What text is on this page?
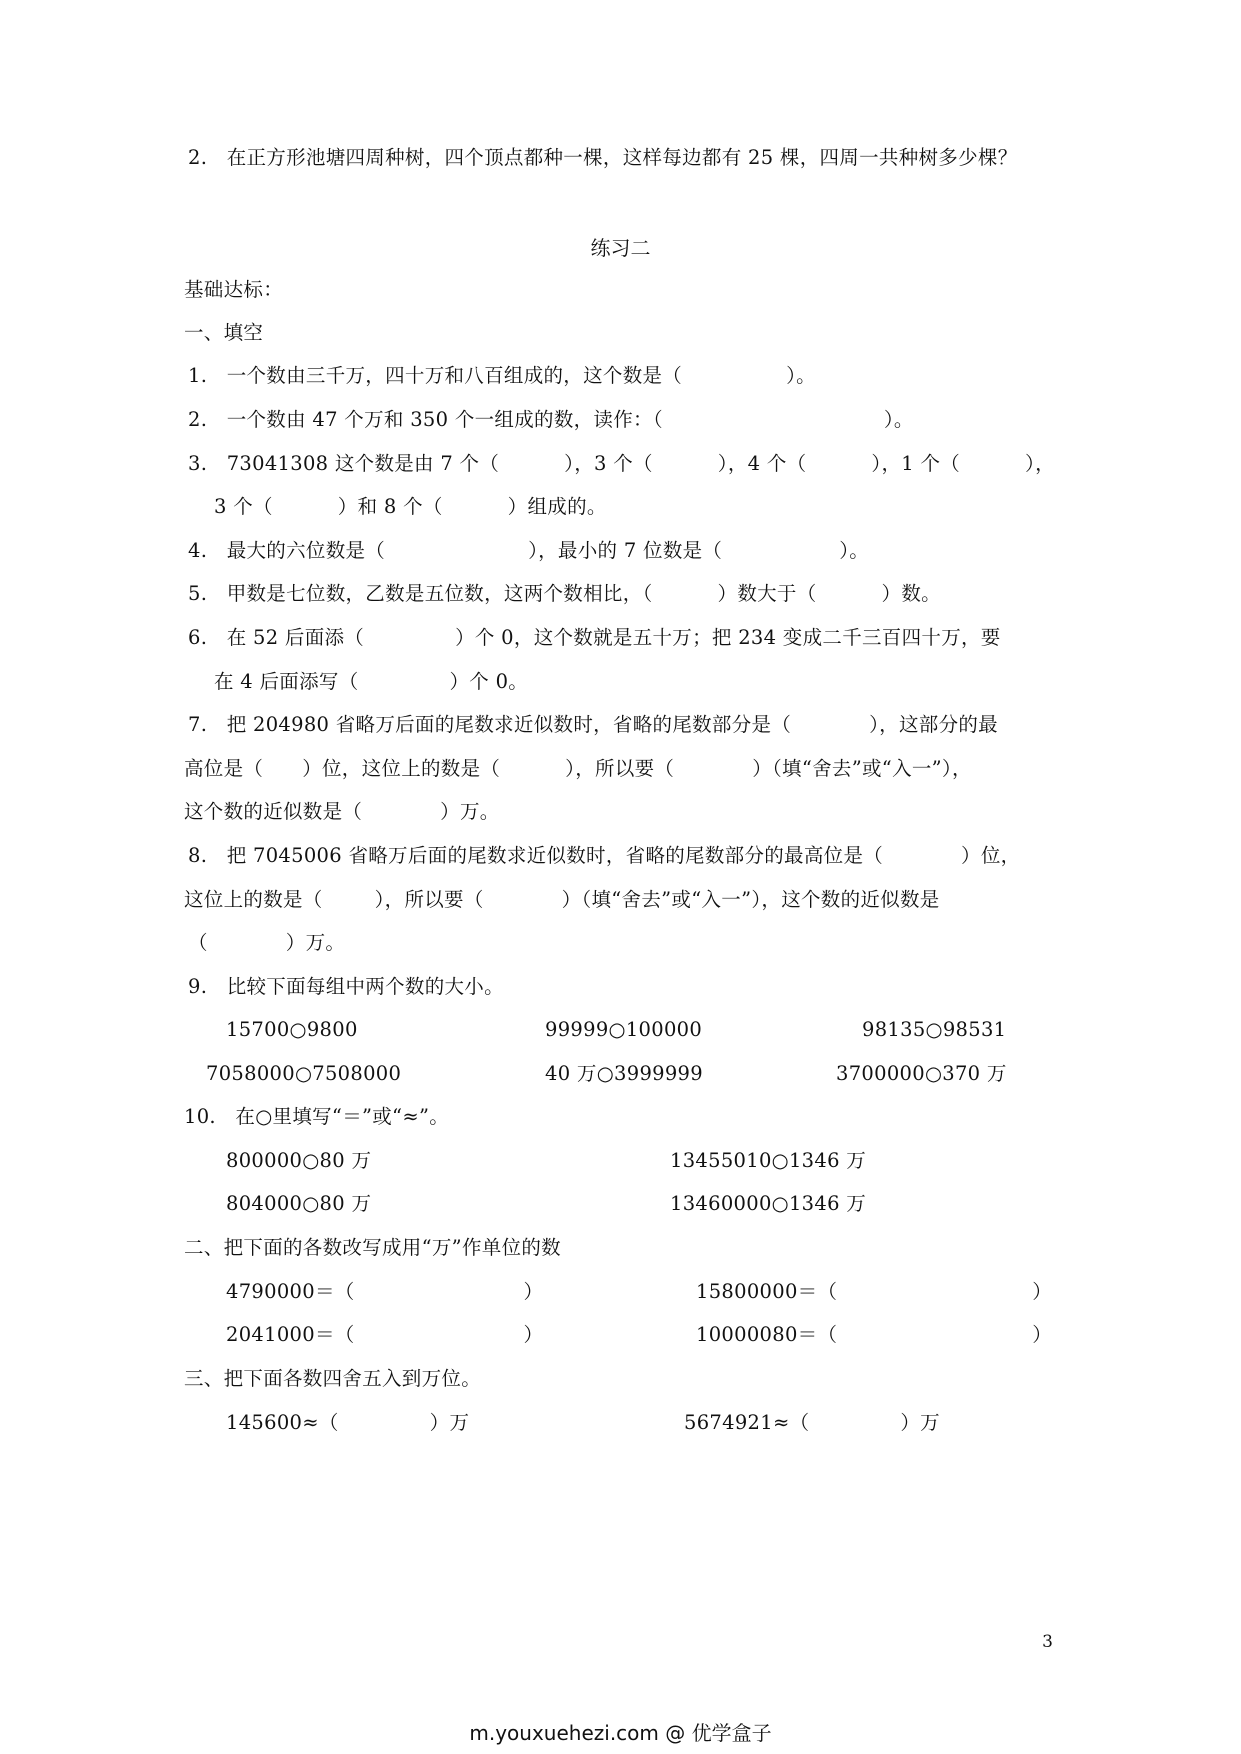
2.   在正方形池塘四周种树，四个顶点都种一棵，这样每边都有 25 棵，四周一共种树多少棵？
练习二
基础达标：
一、填空
1.   一个数由三千万，四十万和八百组成的，这个数是（                ）。
2.   一个数由 47 个万和 350 个一组成的数，读作：（                                  ）。
3.   73041308 这个数是由 7 个（          ），3 个（          ），4 个（          ），1 个（          ），
3 个（          ）和 8 个（          ）组成的。
4.   最大的六位数是（                      ），最小的 7 位数是（                  ）。
5.   甲数是七位数，乙数是五位数，这两个数相比，（          ）数大于（          ）数。
6.   在 52 后面添（              ）个 0，这个数就是五十万；把 234 变成二千三百四十万，要
在 4 后面添写（              ）个 0。
7.   把 204980 省略万后面的尾数求近似数时，省略的尾数部分是（            ），这部分的最
高位是（      ）位，这位上的数是（          ），所以要（            ）（填“舍去”或“入一”），
这个数的近似数是（            ）万。
8.   把 7045006 省略万后面的尾数求近似数时，省略的尾数部分的最高位是（            ）位，
这位上的数是（        ），所以要（            ）（填“舍去”或“入一”），这个数的近似数是
（            ）万。
9.   比较下面每组中两个数的大小。
15700○9800	99999○100000	98135○98531
7058000○7508000	40 万○3999999	3700000○370 万
10.   在○里填写“＝”或“≈”。
800000○80 万	13455010○1346 万
804000○80 万	13460000○1346 万
二、把下面的各数改写成用“万”作单位的数
4790000＝（                          ）	15800000＝（                              ）
2041000＝（                          ）	10000080＝（                              ）
三、把下面各数四舍五入到万位。
145600≈（              ）万	5674921≈（              ）万
3
m.youxuehezi.com @ 优学盒子
